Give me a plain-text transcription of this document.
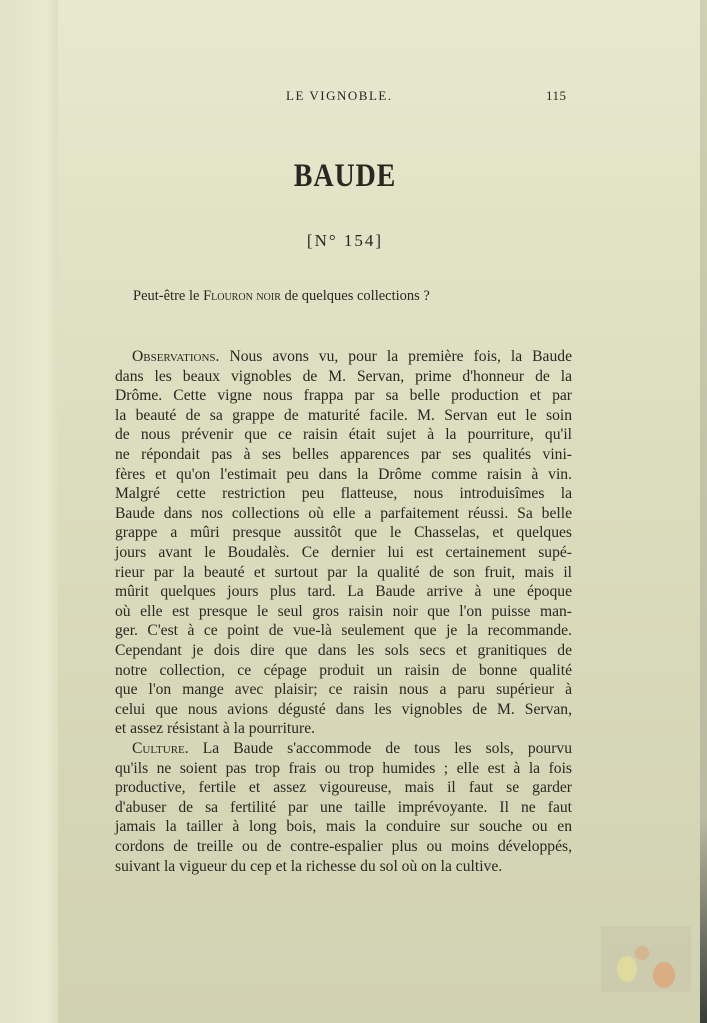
LE VIGNOBLE.	115
BAUDE
[N° 154]
Peut-être le Flouron noir de quelques collections ?
Observations. Nous avons vu, pour la première fois, la Baude
dans les beaux vignobles de M. Servan, prime d'honneur de la
Drôme. Cette vigne nous frappa par sa belle production et par
la beauté de sa grappe de maturité facile. M. Servan eut le soin
de nous prévenir que ce raisin était sujet à la pourriture, qu'il
ne répondait pas à ses belles apparences par ses qualités vini-
fères et qu'on l'estimait peu dans la Drôme comme raisin à vin.
Malgré cette restriction peu flatteuse, nous introduisîmes la
Baude dans nos collections où elle a parfaitement réussi. Sa belle
grappe a mûri presque aussitôt que le Chasselas, et quelques
jours avant le Boudalès. Ce dernier lui est certainement supé-
rieur par la beauté et surtout par la qualité de son fruit, mais il
mûrit quelques jours plus tard. La Baude arrive à une époque
où elle est presque le seul gros raisin noir que l'on puisse man-
ger. C'est à ce point de vue-là seulement que je la recommande.
Cependant je dois dire que dans les sols secs et granitiques de
notre collection, ce cépage produit un raisin de bonne qualité
que l'on mange avec plaisir; ce raisin nous a paru supérieur à
celui que nous avions dégusté dans les vignobles de M. Servan,
et assez résistant à la pourriture.
Culture. La Baude s'accommode de tous les sols, pourvu
qu'ils ne soient pas trop frais ou trop humides ; elle est à la fois
productive, fertile et assez vigoureuse, mais il faut se garder
d'abuser de sa fertilité par une taille imprévoyante. Il ne faut
jamais la tailler à long bois, mais la conduire sur souche ou en
cordons de treille ou de contre-espalier plus ou moins développés,
suivant la vigueur du cep et la richesse du sol où on la cultive.
